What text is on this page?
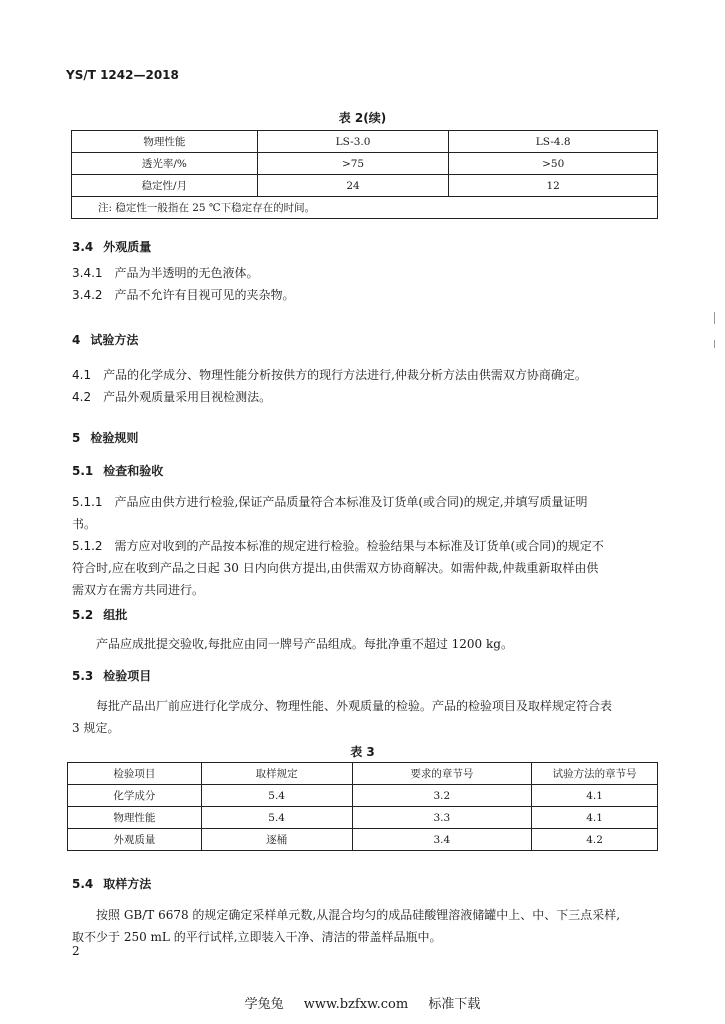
YS/T 1242—2018
表 2(续)
物理性能	LS-3.0	LS-4.8
透光率/%	>75	>50
稳定性/月	24	12
注: 稳定性一般指在 25 ℃下稳定存在的时间。		
3.4 外观质量
3.4.1 产品为半透明的无色液体。
3.4.2 产品不允许有目视可见的夹杂物。
4 试验方法
4.1 产品的化学成分、物理性能分析按供方的现行方法进行,仲裁分析方法由供需双方协商确定。
4.2 产品外观质量采用目视检测法。
5 检验规则
5.1 检查和验收
5.1.1 产品应由供方进行检验,保证产品质量符合本标准及订货单(或合同)的规定,并填写质量证明
书。
5.1.2 需方应对收到的产品按本标准的规定进行检验。检验结果与本标准及订货单(或合同)的规定不
符合时,应在收到产品之日起 30 日内向供方提出,由供需双方协商解决。如需仲裁,仲裁重新取样由供
需双方在需方共同进行。
5.2 组批
产品应成批提交验收,每批应由同一牌号产品组成。每批净重不超过 1200 kg。
5.3 检验项目
每批产品出厂前应进行化学成分、物理性能、外观质量的检验。产品的检验项目及取样规定符合表
3 规定。
表 3
检验项目	取样规定	要求的章节号	试验方法的章节号
化学成分	5.4	3.2	4.1
物理性能	5.4	3.3	4.1
外观质量	逐桶	3.4	4.2
5.4 取样方法
按照 GB/T 6678 的规定确定采样单元数,从混合均匀的成品硅酸锂溶液储罐中上、中、下三点采样,
取不少于 250 mL 的平行试样,立即装入干净、清洁的带盖样品瓶中。
2
学兔兔 www.bzfxw.com 标准下载
